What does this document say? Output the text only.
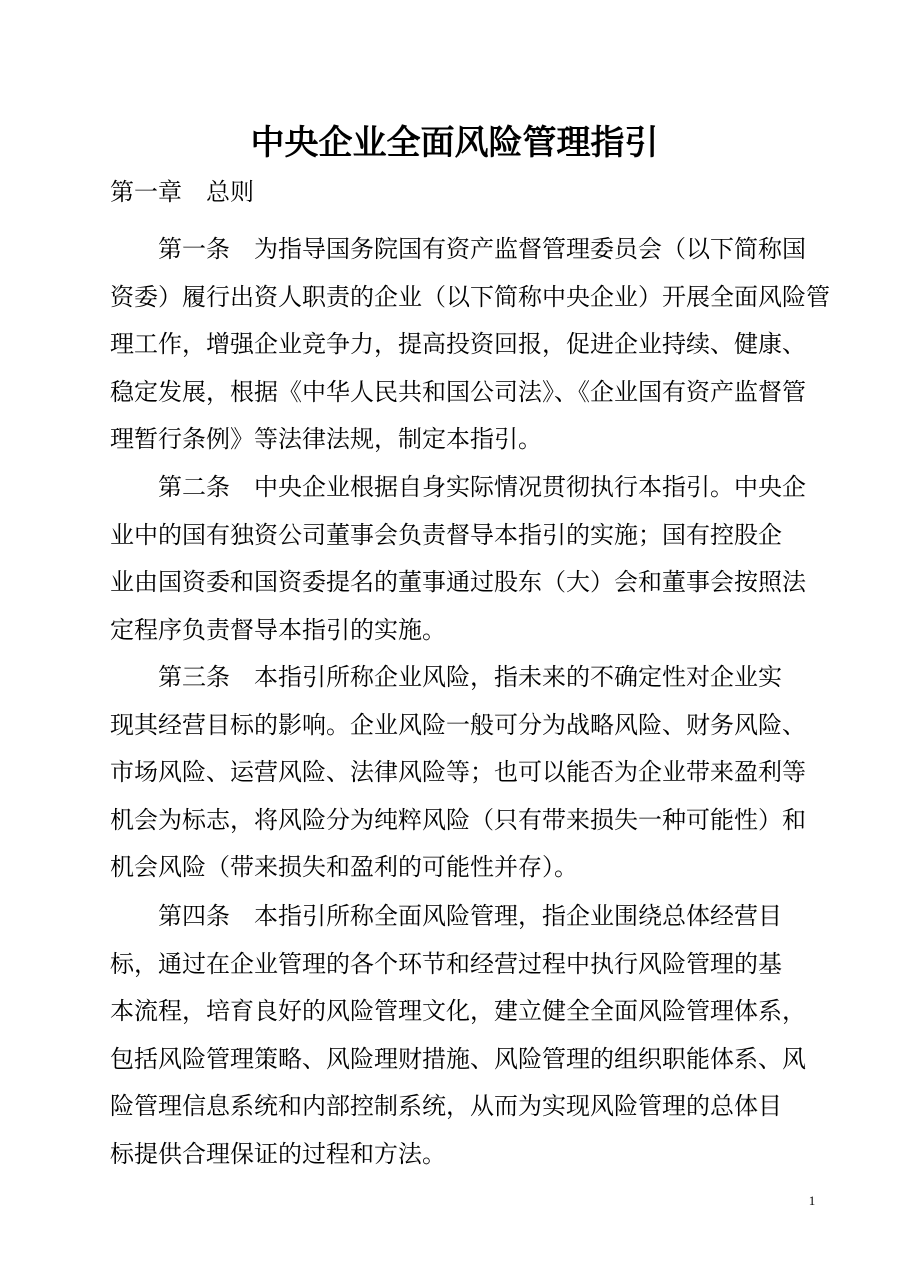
中央企业全面风险管理指引
第一章　总则
第一条　为指导国务院国有资产监督管理委员会（以下简称国
资委）履行出资人职责的企业（以下简称中央企业）开展全面风险管
理工作，增强企业竞争力，提高投资回报，促进企业持续、健康、
稳定发展，根据《中华人民共和国公司法》、《企业国有资产监督管
理暂行条例》等法律法规，制定本指引。
第二条　中央企业根据自身实际情况贯彻执行本指引。中央企
业中的国有独资公司董事会负责督导本指引的实施；国有控股企
业由国资委和国资委提名的董事通过股东（大）会和董事会按照法
定程序负责督导本指引的实施。
第三条　本指引所称企业风险，指未来的不确定性对企业实
现其经营目标的影响。企业风险一般可分为战略风险、财务风险、
市场风险、运营风险、法律风险等；也可以能否为企业带来盈利等
机会为标志，将风险分为纯粹风险（只有带来损失一种可能性）和
机会风险（带来损失和盈利的可能性并存）。
第四条　本指引所称全面风险管理，指企业围绕总体经营目
标，通过在企业管理的各个环节和经营过程中执行风险管理的基
本流程，培育良好的风险管理文化，建立健全全面风险管理体系，
包括风险管理策略、风险理财措施、风险管理的组织职能体系、风
险管理信息系统和内部控制系统，从而为实现风险管理的总体目
标提供合理保证的过程和方法。
1
